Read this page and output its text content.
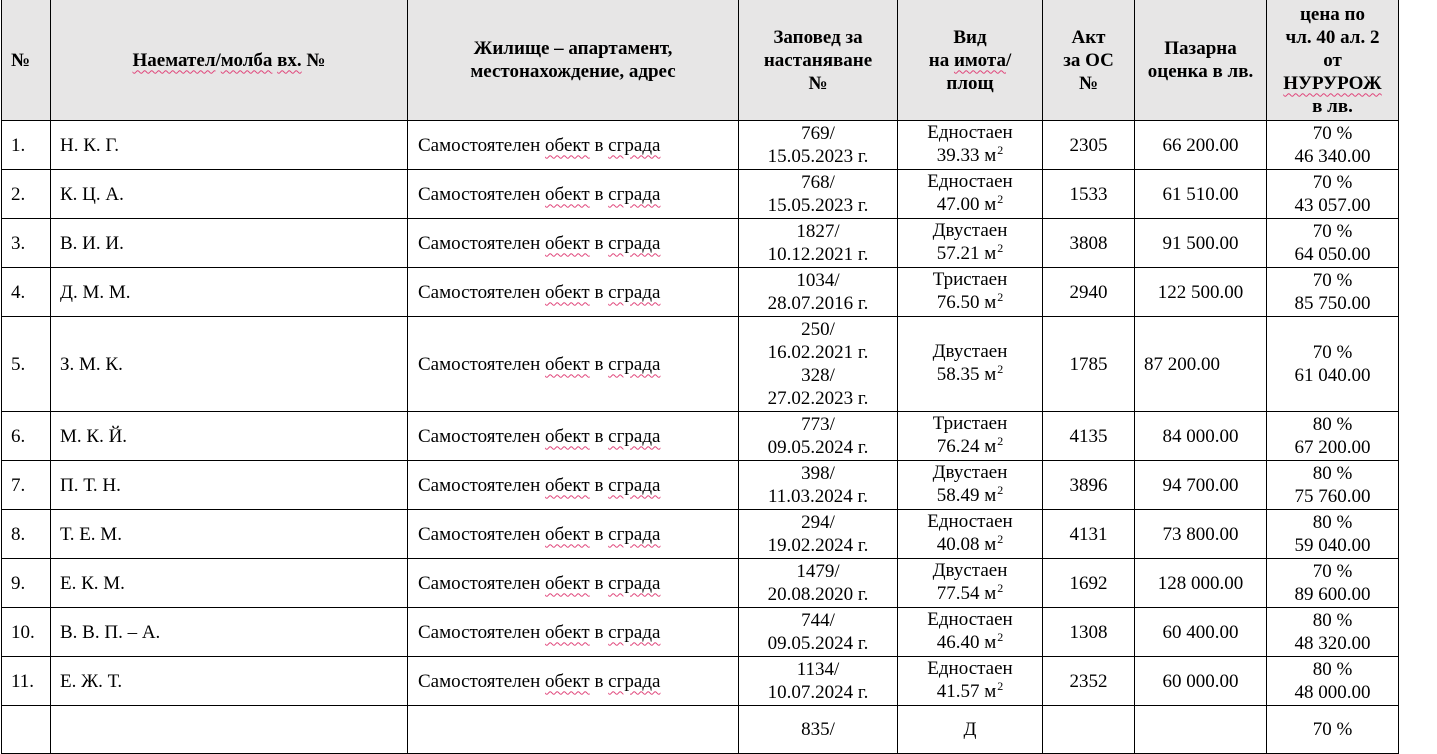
№	Наемател/молба вх. №	Жилище – апартамент,
местонахождение, адрес	Заповед за
настаняване
№	Вид
на имота/
площ	Акт
за ОС
№	Пазарна
оценка в лв.	цена по
чл. 40 ал. 2
от
НУРУРОЖ
в лв.

1.	Н. К. Г.	Самостоятелен обект в сграда	769/
15.05.2023 г.	Едностаен
39.33 $м^2$	2305	66 200.00	70 %
46 340.00

2.	К. Ц. А.	Самостоятелен обект в сграда	768/
15.05.2023 г.	Едностаен
47.00 $м^2$	1533	61 510.00	70 %
43 057.00

3.	В. И. И.	Самостоятелен обект в сграда	1827/
10.12.2021 г.	Двустаен
57.21 $м^2$	3808	91 500.00	70 %
64 050.00

4.	Д. М. М.	Самостоятелен обект в сграда	1034/
28.07.2016 г.	Тристаен
76.50 $м^2$	2940	122 500.00	70 %
85 750.00

5.	З. М. К.	Самостоятелен обект в сграда	250/
16.02.2021 г.
328/
27.02.2023 г.	Двустаен
58.35 $м^2$	1785	87 200.00	70 %
61 040.00

6.	М. К. Й.	Самостоятелен обект в сграда	773/
09.05.2024 г.	Тристаен
76.24 $м^2$	4135	84 000.00	80 %
67 200.00

7.	П. Т. Н.	Самостоятелен обект в сграда	398/
11.03.2024 г.	Двустаен
58.49 $м^2$	3896	94 700.00	80 %
75 760.00

8.	Т. Е. М.	Самостоятелен обект в сграда	294/
19.02.2024 г.	Едностаен
40.08 $м^2$	4131	73 800.00	80 %
59 040.00

9.	Е. К. М.	Самостоятелен обект в сграда	1479/
20.08.2020 г.	Двустаен
77.54 $м^2$	1692	128 000.00	70 %
89 600.00

10.	В. В. П. – А.	Самостоятелен обект в сграда	744/
09.05.2024 г.	Едностаен
46.40 $м^2$	1308	60 400.00	80 %
48 320.00

11.	Е. Ж. Т.	Самостоятелен обект в сграда	1134/
10.07.2024 г.	Едностаен
41.57 $м^2$	2352	60 000.00	80 %
48 000.00

			835/	Д			70 %
